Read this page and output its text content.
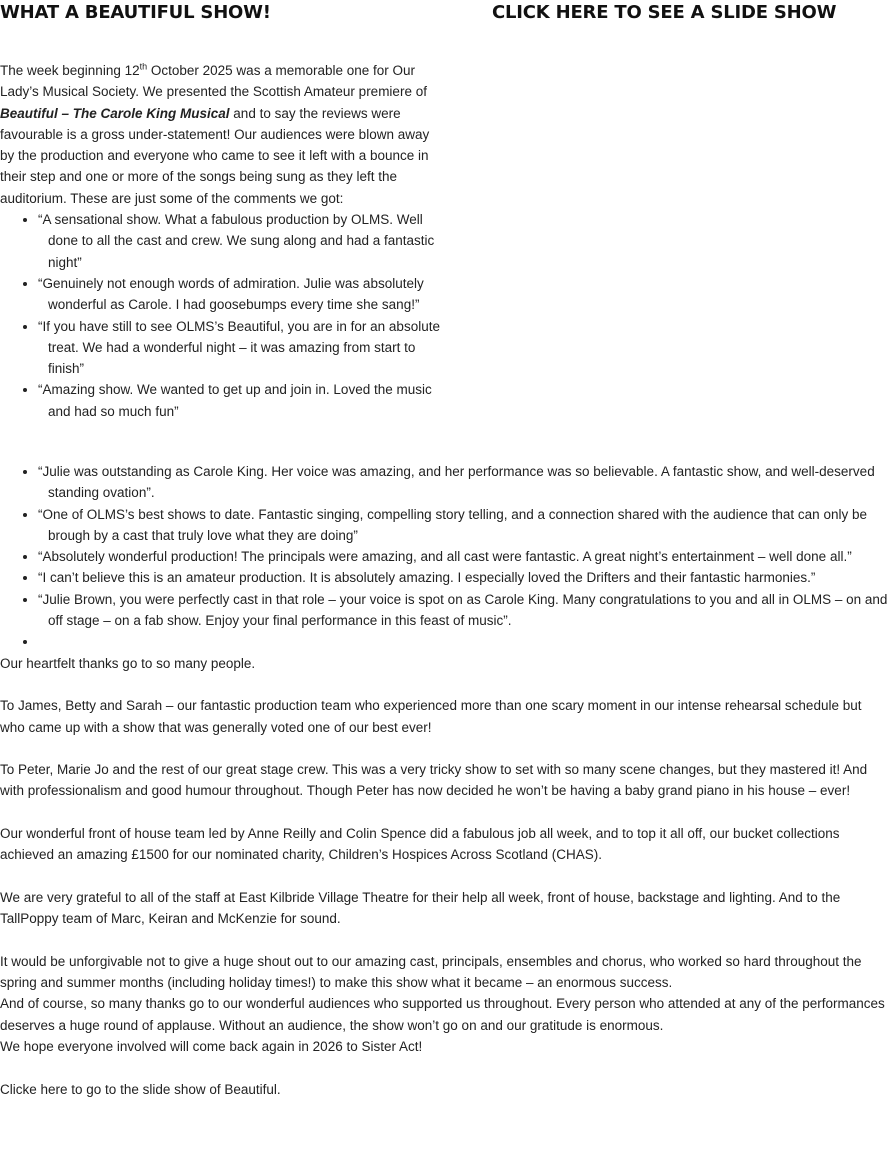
WHAT A BEAUTIFUL SHOW!	CLICK HERE TO SEE A SLIDE SHOW

The week beginning 12th October 2025 was a memorable one for Our Lady’s Musical Society. We presented the Scottish Amateur premiere of Beautiful – The Carole King Musical and to say the reviews were favourable is a gross under-statement! Our audiences were blown away by the production and everyone who came to see it left with a bounce in their step and one or more of the songs being sung as they left the auditorium. These are just some of the comments we got:

• “A sensational show. What a fabulous production by OLMS. Well done to all the cast and crew. We sung along and had a fantastic night”
• “Genuinely not enough words of admiration. Julie was absolutely wonderful as Carole. I had goosebumps every time she sang!”
• “If you have still to see OLMS’s Beautiful, you are in for an absolute treat. We had a wonderful night – it was amazing from start to finish”
• “Amazing show. We wanted to get up and join in. Loved the music and had so much fun”
• “Julie was outstanding as Carole King. Her voice was amazing, and her performance was so believable. A fantastic show, and well-deserved standing ovation”.
• “One of OLMS’s best shows to date. Fantastic singing, compelling story telling, and a connection shared with the audience that can only be brough by a cast that truly love what they are doing”
• “Absolutely wonderful production! The principals were amazing, and all cast were fantastic. A great night’s entertainment – well done all.”
• “I can’t believe this is an amateur production. It is absolutely amazing. I especially loved the Drifters and their fantastic harmonies.”
• “Julie Brown, you were perfectly cast in that role – your voice is spot on as Carole King. Many congratulations to you and all in OLMS – on and off stage – on a fab show. Enjoy your final performance in this feast of music”.
•

Our heartfelt thanks go to so many people.

To James, Betty and Sarah – our fantastic production team who experienced more than one scary moment in our intense rehearsal schedule but who came up with a show that was generally voted one of our best ever!

To Peter, Marie Jo and the rest of our great stage crew. This was a very tricky show to set with so many scene changes, but they mastered it! And with professionalism and good humour throughout. Though Peter has now decided he won’t be having a baby grand piano in his house – ever!

Our wonderful front of house team led by Anne Reilly and Colin Spence did a fabulous job all week, and to top it all off, our bucket collections achieved an amazing £1500 for our nominated charity, Children’s Hospices Across Scotland (CHAS).

We are very grateful to all of the staff at East Kilbride Village Theatre for their help all week, front of house, backstage and lighting. And to the TallPoppy team of Marc, Keiran and McKenzie for sound.

It would be unforgivable not to give a huge shout out to our amazing cast, principals, ensembles and chorus, who worked so hard throughout the spring and summer months (including holiday times!) to make this show what it became – an enormous success.

And of course, so many thanks go to our wonderful audiences who supported us throughout. Every person who attended at any of the performances deserves a huge round of applause. Without an audience, the show won’t go on and our gratitude is enormous.

We hope everyone involved will come back again in 2026 to Sister Act!

Clicke here to go to the slide show of Beautiful.
